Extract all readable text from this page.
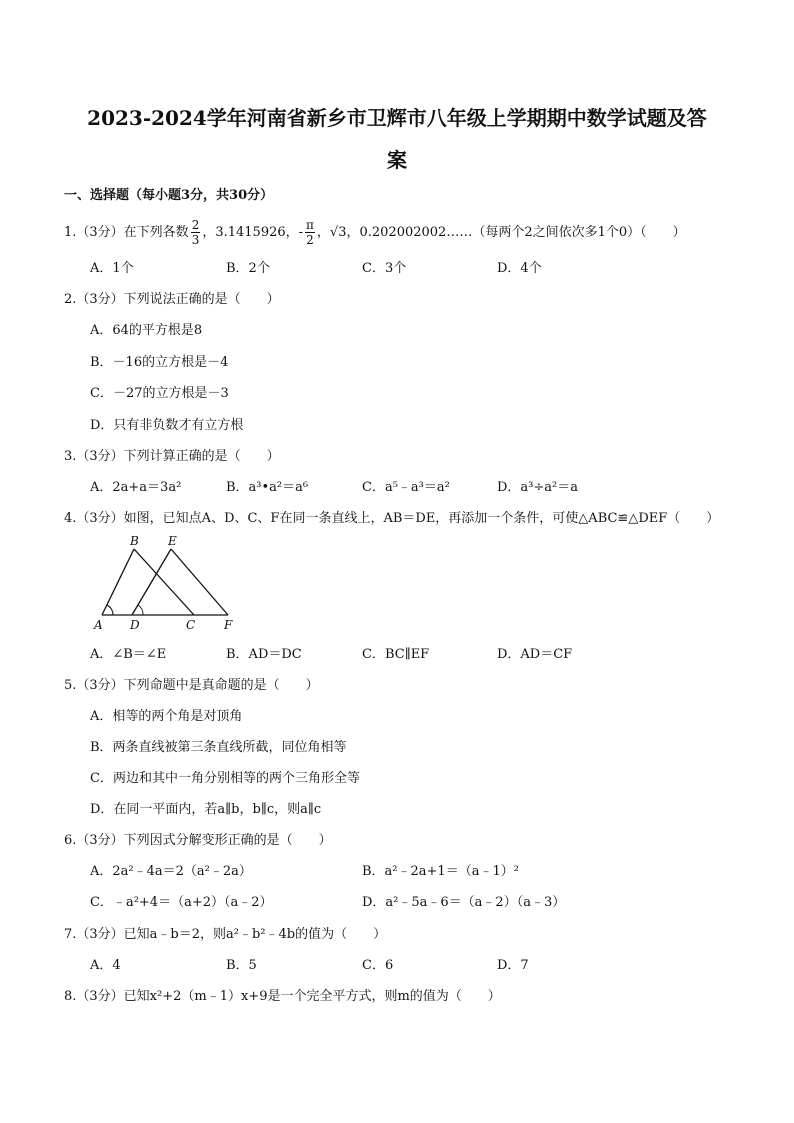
2023-2024学年河南省新乡市卫辉市八年级上学期期中数学试题及答
案
一、选择题（每小题3分，共30分）
1.（3分）在下列各数 $\frac{2}{3}$ ，3.1415926，- $\frac{\pi}{2}$ ，√3，0.202002002……（每两个2之间依次多1个0）（　　）
A．1个	B．2个	C．3个	D．4个
2.（3分）下列说法正确的是（　　）
A．64的平方根是8
B．－16的立方根是－4
C．－27的立方根是－3
D．只有非负数才有立方根
3.（3分）下列计算正确的是（　　）
A．2a+a＝3a²	B．a³•a²＝a⁶	C．a⁵﹣a³＝a²	D．a³÷a²＝a
4.（3分）如图，已知点A、D、C、F在同一条直线上，AB＝DE，再添加一个条件，可使△ABC≌△DEF（　　）
B E
A D	C F
A．∠B＝∠E	B．AD＝DC	C．BC∥EF	D．AD＝CF
5.（3分）下列命题中是真命题的是（　　）
A．相等的两个角是对顶角
B．两条直线被第三条直线所截，同位角相等
C．两边和其中一角分别相等的两个三角形全等
D．在同一平面内，若a∥b，b∥c，则a∥c
6.（3分）下列因式分解变形正确的是（　　）
A．2a²﹣4a＝2（a²﹣2a）	B．a²﹣2a+1＝（a﹣1）²
C．﹣a²+4＝（a+2）（a﹣2）	D．a²﹣5a﹣6＝（a﹣2）（a﹣3）
7.（3分）已知a﹣b＝2，则a²﹣b²﹣4b的值为（　　）
A．4	B．5	C．6	D．7
8.（3分）已知x²+2（m﹣1）x+9是一个完全平方式，则m的值为（　　）
